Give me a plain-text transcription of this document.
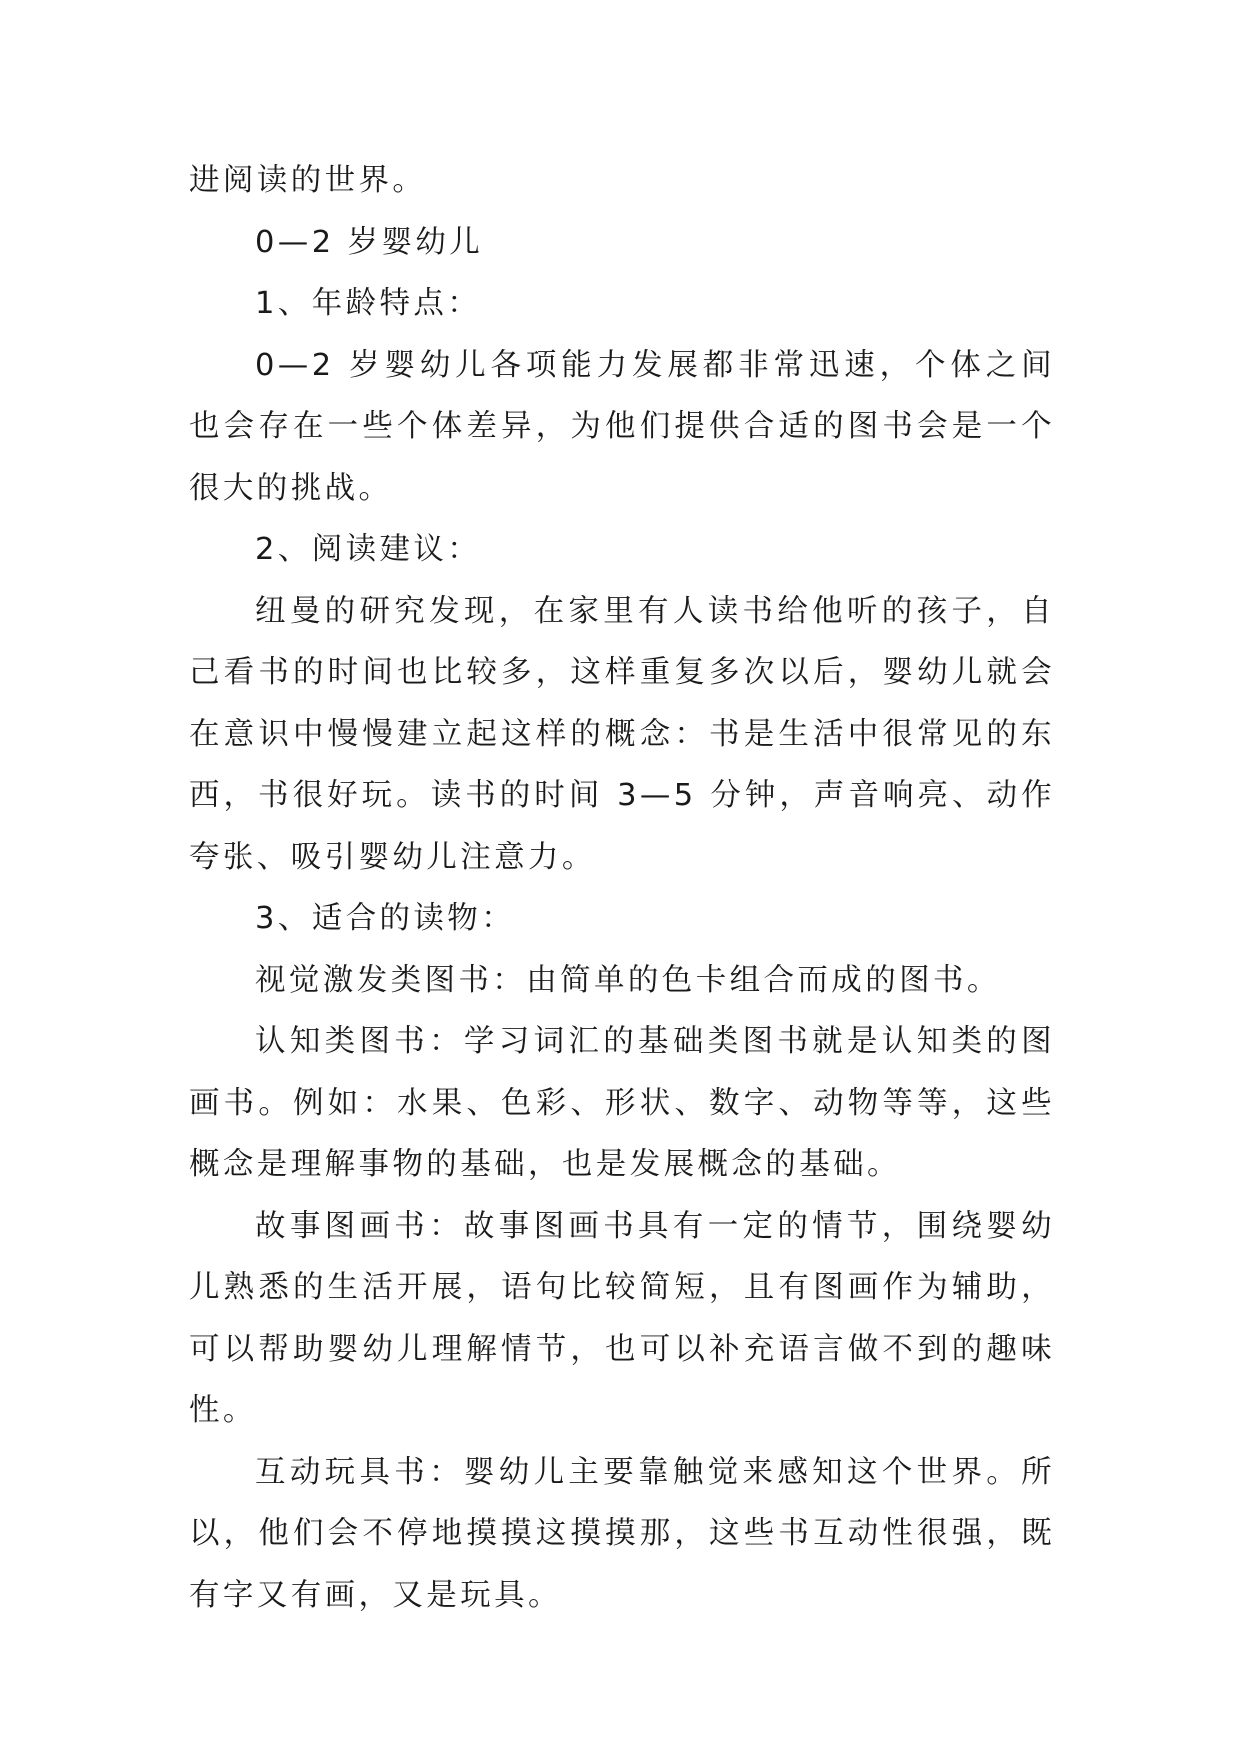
进阅读的世界。

0—2 岁婴幼儿

1、年龄特点：

0—2 岁婴幼儿各项能力发展都非常迅速，个体之间也会存在一些个体差异，为他们提供合适的图书会是一个很大的挑战。

2、阅读建议：

纽曼的研究发现，在家里有人读书给他听的孩子，自己看书的时间也比较多，这样重复多次以后，婴幼儿就会在意识中慢慢建立起这样的概念：书是生活中很常见的东西，书很好玩。读书的时间 3—5 分钟，声音响亮、动作夸张、吸引婴幼儿注意力。

3、适合的读物：

视觉激发类图书：由简单的色卡组合而成的图书。

认知类图书：学习词汇的基础类图书就是认知类的图画书。例如：水果、色彩、形状、数字、动物等等，这些概念是理解事物的基础，也是发展概念的基础。

故事图画书：故事图画书具有一定的情节，围绕婴幼儿熟悉的生活开展，语句比较简短，且有图画作为辅助，可以帮助婴幼儿理解情节，也可以补充语言做不到的趣味性。

互动玩具书：婴幼儿主要靠触觉来感知这个世界。所以，他们会不停地摸摸这摸摸那，这些书互动性很强，既有字又有画，又是玩具。
